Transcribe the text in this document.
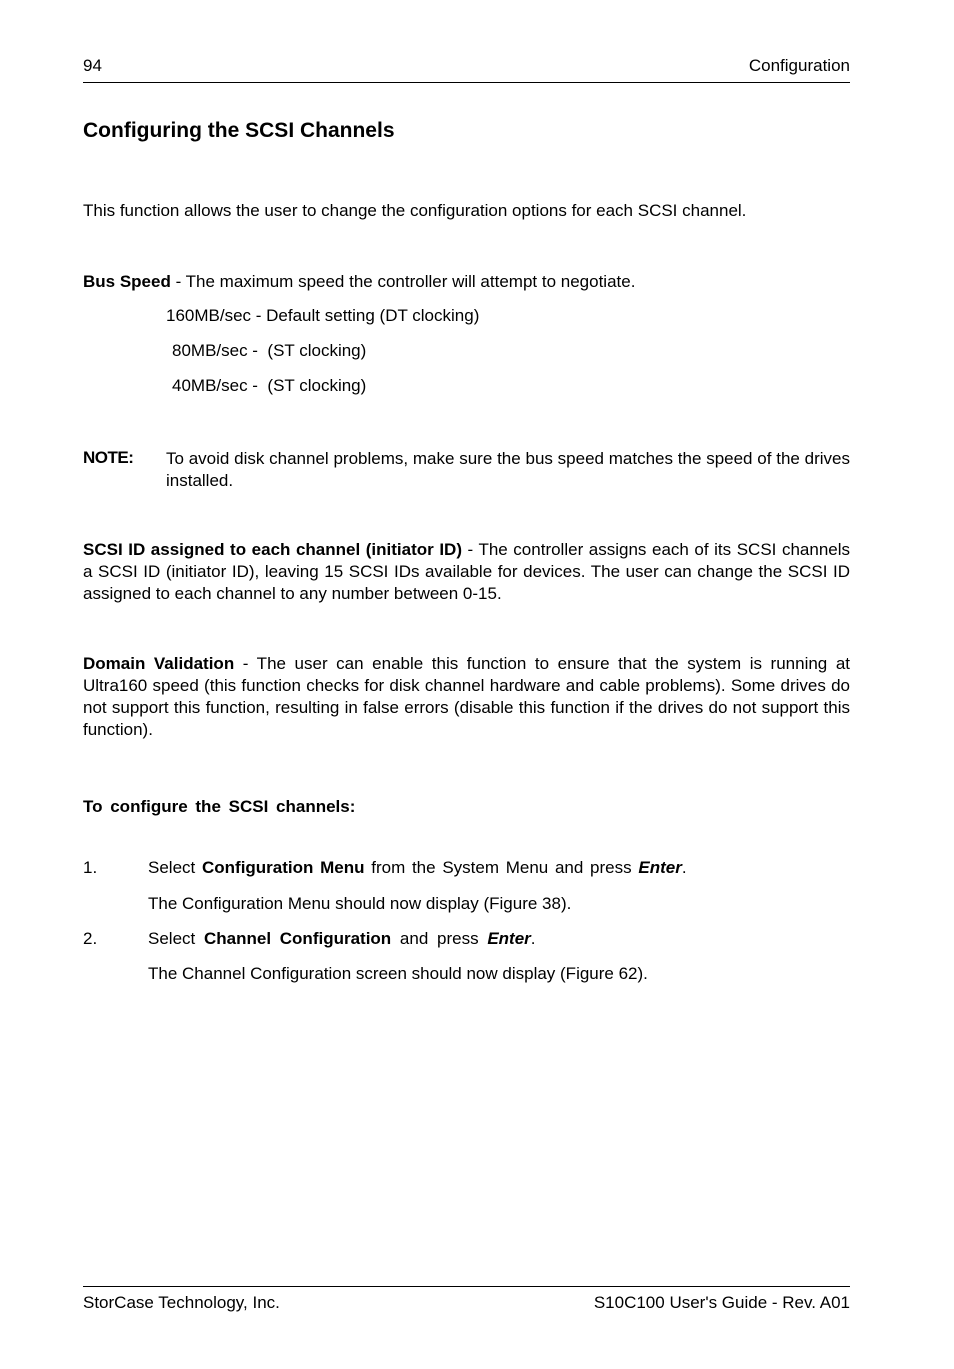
94	Configuration
Configuring the SCSI Channels
This function allows the user to change the configuration options for each SCSI channel.
Bus Speed - The maximum speed the controller will attempt to negotiate.
160MB/sec - Default setting (DT clocking)
80MB/sec -  (ST clocking)
40MB/sec -  (ST clocking)
NOTE: To avoid disk channel problems, make sure the bus speed matches the speed of the drives installed.
SCSI ID assigned to each channel (initiator ID) - The controller assigns each of its SCSI channels a SCSI ID (initiator ID), leaving 15 SCSI IDs available for devices. The user can change the SCSI ID assigned to each channel to any number between 0-15.
Domain Validation - The user can enable this function to ensure that the system is running at Ultra160 speed (this function checks for disk channel hardware and cable problems). Some drives do not support this function, resulting in false errors (disable this function if the drives do not support this function).
To configure the SCSI channels:
1.	Select Configuration Menu from the System Menu and press Enter.
The Configuration Menu should now display (Figure 38).
2.	Select Channel Configuration and press Enter.
The Channel Configuration screen should now display (Figure 62).
StorCase Technology, Inc.	S10C100 User's Guide - Rev. A01
